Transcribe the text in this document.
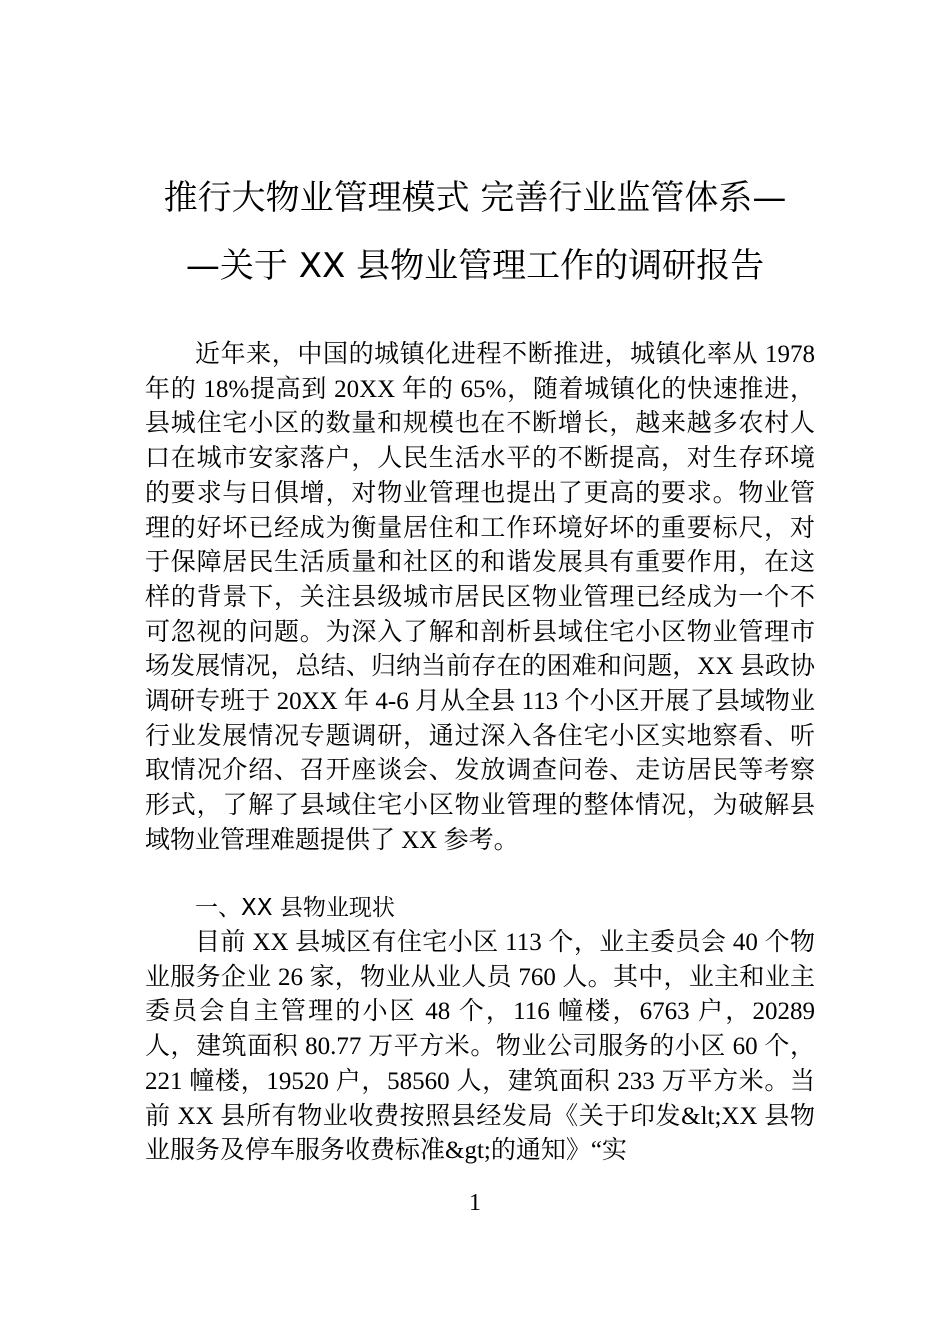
推行大物业管理模式 完善行业监管体系—
—关于 XX 县物业管理工作的调研报告
近年来，中国的城镇化进程不断推进，城镇化率从 1978 年的 18%提高到 20XX 年的 65%，随着城镇化的快速推进，县城住宅小区的数量和规模也在不断增长，越来越多农村人口在城市安家落户，人民生活水平的不断提高，对生存环境的要求与日俱增，对物业管理也提出了更高的要求。物业管理的好坏已经成为衡量居住和工作环境好坏的重要标尺，对于保障居民生活质量和社区的和谐发展具有重要作用，在这样的背景下，关注县级城市居民区物业管理已经成为一个不可忽视的问题。为深入了解和剖析县域住宅小区物业管理市场发展情况，总结、归纳当前存在的困难和问题，XX 县政协调研专班于 20XX 年 4-6 月从全县 113 个小区开展了县域物业行业发展情况专题调研，通过深入各住宅小区实地察看、听取情况介绍、召开座谈会、发放调查问卷、走访居民等考察形式，了解了县域住宅小区物业管理的整体情况，为破解县域物业管理难题提供了 XX 参考。
一、XX 县物业现状
目前 XX 县城区有住宅小区 113 个，业主委员会 40 个物业服务企业 26 家，物业从业人员 760 人。其中，业主和业主委员会自主管理的小区 48 个，116 幢楼，6763 户，20289 人，建筑面积 80.77 万平方米。物业公司服务的小区 60 个，221 幢楼，19520 户，58560 人，建筑面积 233 万平方米。当前 XX 县所有物业收费按照县经发局《关于印发&lt;XX 县物业服务及停车服务收费标准&gt;的通知》“实
1
